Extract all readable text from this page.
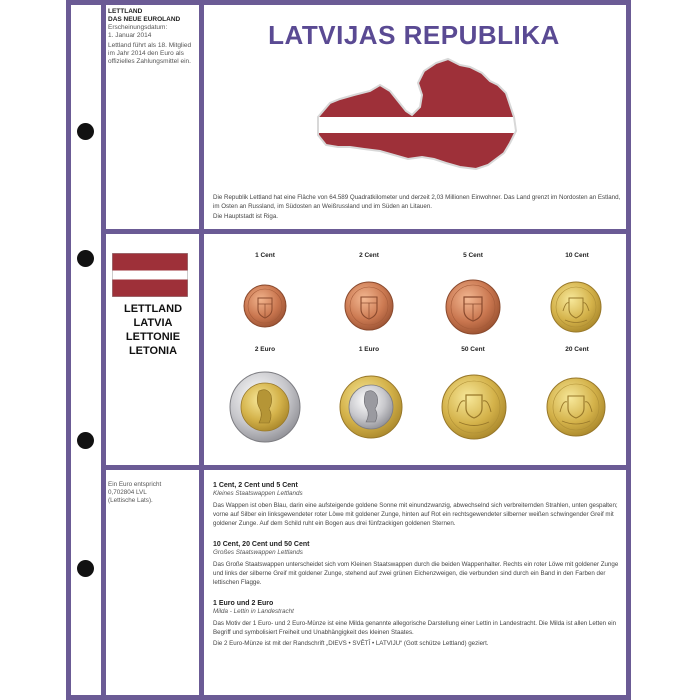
LETTLAND
DAS NEUE EUROLAND

Erscheinungsdatum:
1. Januar 2014

Lettland führt als 18. Mitglied im Jahr 2014 den Euro als offizielles Zahlungsmittel ein.

LATVIJAS REPUBLIKA

Die Republik Lettland hat eine Fläche von 64.589 Quadratkilometer und derzeit 2,03 Millionen Einwohner. Das Land grenzt im Nordosten an Estland, im Osten an Russland, im Südosten an Weißrussland und im Süden an Litauen.

Die Hauptstadt ist Riga.

LETTLAND
LATVIA
LETTONIE
LETONIA
1 Cent	2 Cent	5 Cent	10 Cent
2 Euro	1 Euro	50 Cent	20 Cent

Ein Euro entspricht

0,702804 LVL

(Lettische Lats).

1 Cent, 2 Cent und 5 Cent
Kleines Staatswappen Lettlands

Das Wappen ist oben Blau, darin eine aufsteigende goldene Sonne mit einundzwanzig, abwechselnd sich verbreiternden Strahlen, unten gespalten; vorne auf Silber ein linksgewendeter roter Löwe mit goldener Zunge, hinten auf Rot ein rechtsgewendeter silberner weißen schwingender Greif mit goldener Zunge. Auf dem Schild ruht ein Bogen aus drei fünfzackigen goldenen Sternen.

10 Cent, 20 Cent und 50 Cent
Großes Staatswappen Lettlands

Das Große Staatswappen unterscheidet sich vom Kleinen Staatswappen durch die beiden Wappenhalter. Rechts ein roter Löwe mit goldener Zunge und links der silberne Greif mit goldener Zunge, stehend auf zwei grünen Eichenzweigen, die verbunden sind durch ein Band in den Farben der lettischen Flagge.

1 Euro und 2 Euro
Milda - Lettin in Landestracht

Das Motiv der 1 Euro- und 2 Euro-Münze ist eine Milda genannte allegorische Darstellung einer Lettin in Landestracht. Die Milda ist allen Letten ein Begriff und symbolisiert Freiheit und Unabhängigkeit des kleinen Staates.

Die 2 Euro-Münze ist mit der Randschrift „DIEVS • SVĒTĪ • LATVIJU“ (Gott schütze Lettland) geziert.
